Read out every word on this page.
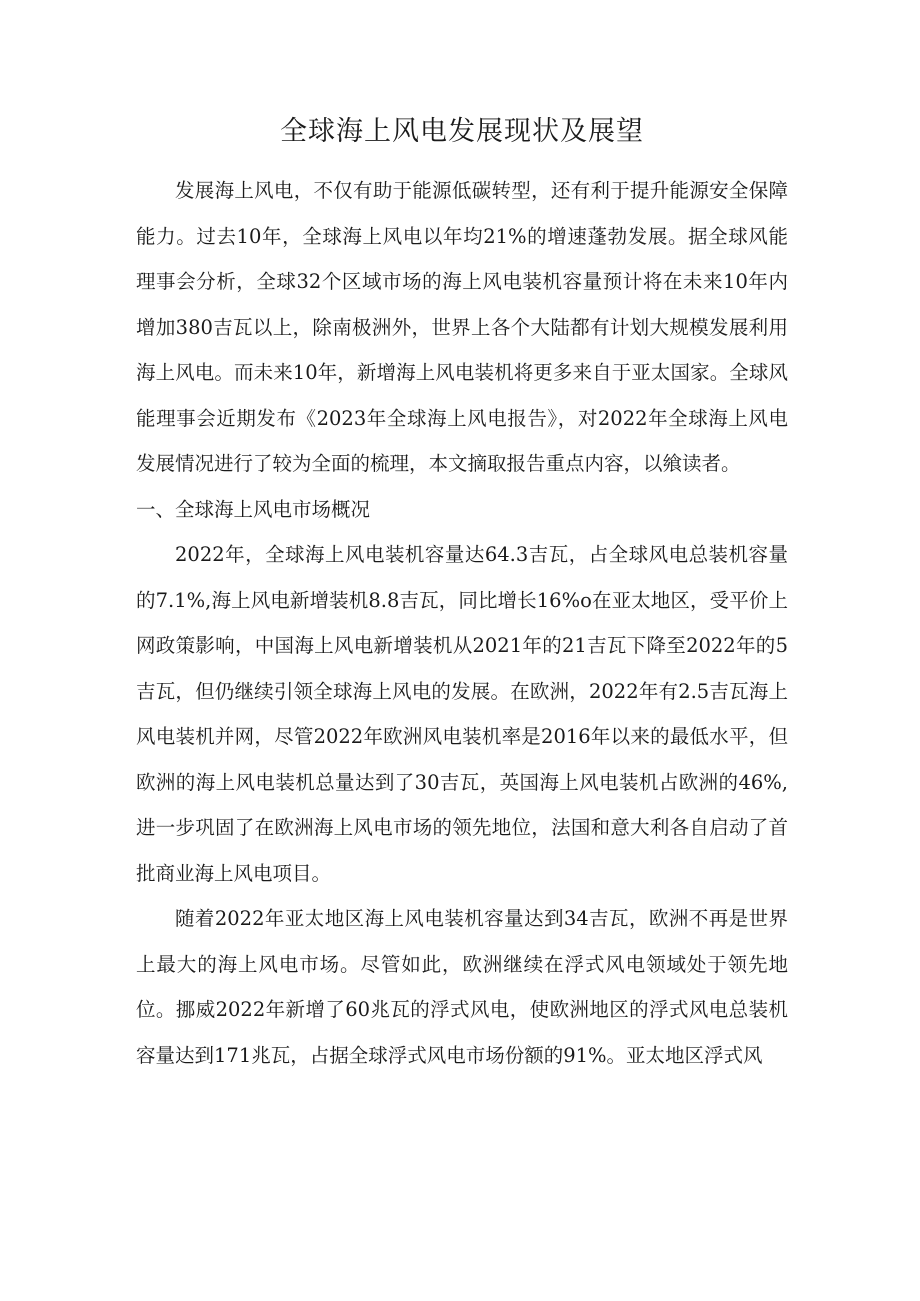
全球海上风电发展现状及展望

发展海上风电，不仅有助于能源低碳转型，还有利于提升能源安全保障能力。过去10年，全球海上风电以年均21%的增速蓬勃发展。据全球风能理事会分析，全球32个区域市场的海上风电装机容量预计将在未来10年内增加380吉瓦以上，除南极洲外，世界上各个大陆都有计划大规模发展利用海上风电。而未来10年，新增海上风电装机将更多来自于亚太国家。全球风能理事会近期发布《2023年全球海上风电报告》，对2022年全球海上风电发展情况进行了较为全面的梳理，本文摘取报告重点内容，以飨读者。

一、全球海上风电市场概况

2022年，全球海上风电装机容量达64.3吉瓦，占全球风电总装机容量的7.1%,海上风电新增装机8.8吉瓦，同比增长16%o在亚太地区，受平价上网政策影响，中国海上风电新增装机从2021年的21吉瓦下降至2022年的5吉瓦，但仍继续引领全球海上风电的发展。在欧洲，2022年有2.5吉瓦海上风电装机并网，尽管2022年欧洲风电装机率是2016年以来的最低水平，但欧洲的海上风电装机总量达到了30吉瓦，英国海上风电装机占欧洲的46%,进一步巩固了在欧洲海上风电市场的领先地位，法国和意大利各自启动了首批商业海上风电项目。

随着2022年亚太地区海上风电装机容量达到34吉瓦，欧洲不再是世界上最大的海上风电市场。尽管如此，欧洲继续在浮式风电领域处于领先地位。挪威2022年新增了60兆瓦的浮式风电，使欧洲地区的浮式风电总装机容量达到171兆瓦，占据全球浮式风电市场份额的91%。亚太地区浮式风
